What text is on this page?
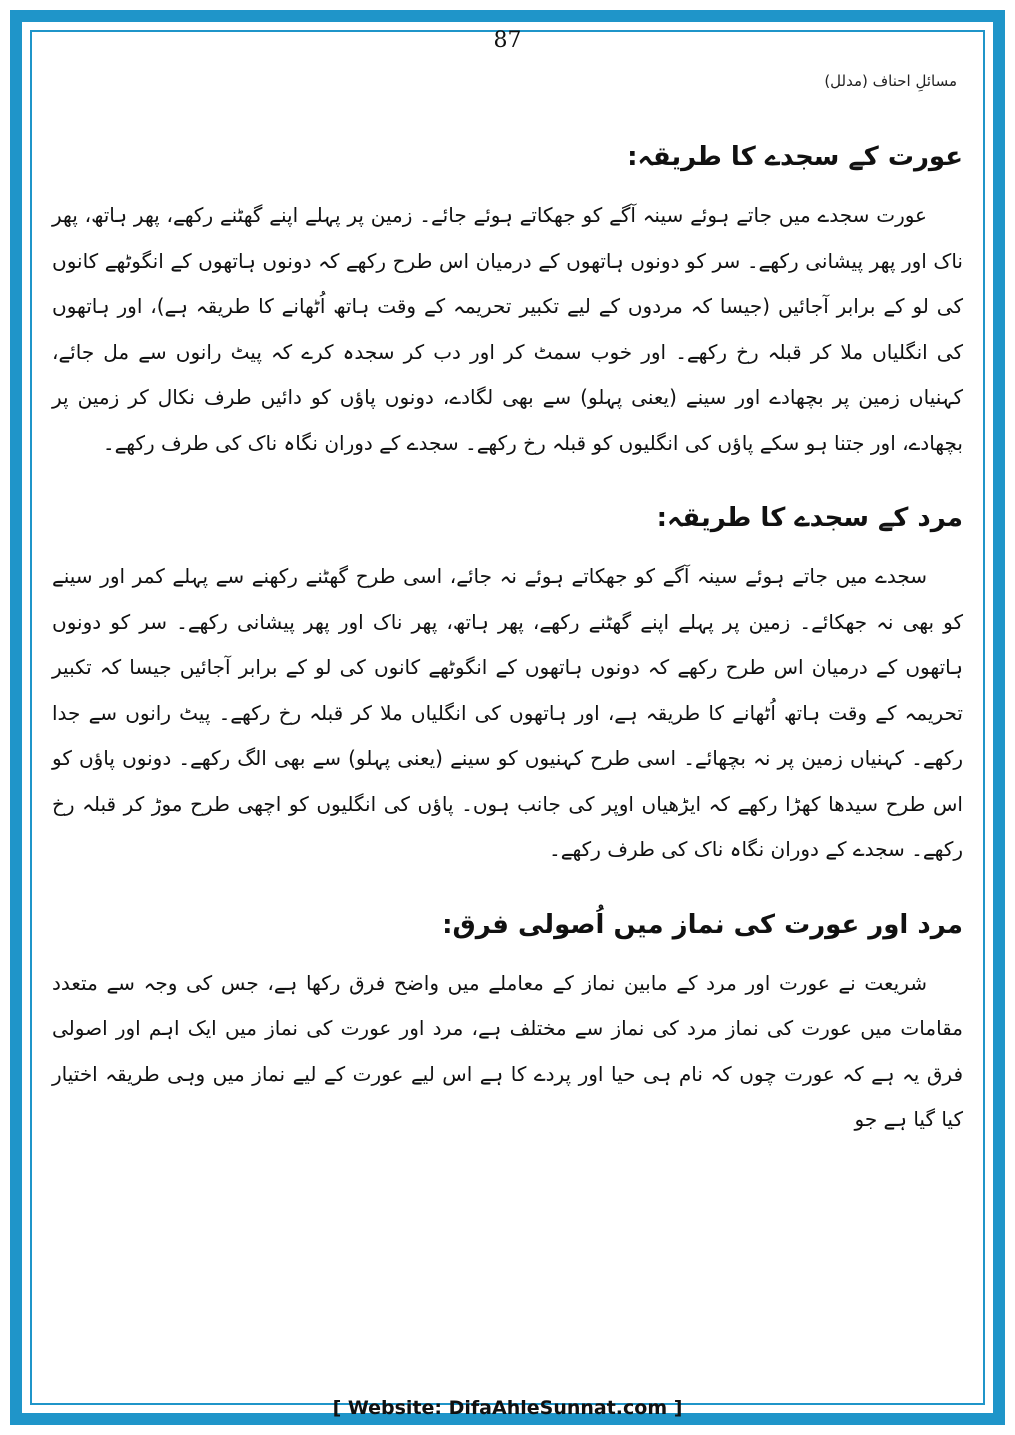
87
مسائلِ احناف (مدلل)
عورت کے سجدے کا طریقہ:

عورت سجدے میں جاتے ہوئے سینہ آگے کو جھکاتے ہوئے جائے۔ زمین پر پہلے اپنے گھٹنے رکھے، پھر ہاتھ، پھر ناک اور پھر پیشانی رکھے۔ سر کو دونوں ہاتھوں کے درمیان اس طرح رکھے کہ دونوں ہاتھوں کے انگوٹھے کانوں کی لو کے برابر آجائیں (جیسا کہ مردوں کے لیے تکبیر تحریمہ کے وقت ہاتھ اُٹھانے کا طریقہ ہے)، اور ہاتھوں کی انگلیاں ملا کر قبلہ رخ رکھے۔ اور خوب سمٹ کر اور دب کر سجدہ کرے کہ پیٹ رانوں سے مل جائے، کہنیاں زمین پر بچھادے اور سینے (یعنی پہلو) سے بھی لگادے، دونوں پاؤں کو دائیں طرف نکال کر زمین پر بچھادے، اور جتنا ہو سکے پاؤں کی انگلیوں کو قبلہ رخ رکھے۔ سجدے کے دوران نگاہ ناک کی طرف رکھے۔

مرد کے سجدے کا طریقہ:

سجدے میں جاتے ہوئے سینہ آگے کو جھکاتے ہوئے نہ جائے، اسی طرح گھٹنے رکھنے سے پہلے کمر اور سینے کو بھی نہ جھکائے۔ زمین پر پہلے اپنے گھٹنے رکھے، پھر ہاتھ، پھر ناک اور پھر پیشانی رکھے۔ سر کو دونوں ہاتھوں کے درمیان اس طرح رکھے کہ دونوں ہاتھوں کے انگوٹھے کانوں کی لو کے برابر آجائیں جیسا کہ تکبیر تحریمہ کے وقت ہاتھ اُٹھانے کا طریقہ ہے، اور ہاتھوں کی انگلیاں ملا کر قبلہ رخ رکھے۔ پیٹ رانوں سے جدا رکھے۔ کہنیاں زمین پر نہ بچھائے۔ اسی طرح کہنیوں کو سینے (یعنی پہلو) سے بھی الگ رکھے۔ دونوں پاؤں کو اس طرح سیدھا کھڑا رکھے کہ ایڑھیاں اوپر کی جانب ہوں۔ پاؤں کی انگلیوں کو اچھی طرح موڑ کر قبلہ رخ رکھے۔ سجدے کے دوران نگاہ ناک کی طرف رکھے۔

مرد اور عورت کی نماز میں اُصولی فرق:

شریعت نے عورت اور مرد کے مابین نماز کے معاملے میں واضح فرق رکھا ہے، جس کی وجہ سے متعدد مقامات میں عورت کی نماز مرد کی نماز سے مختلف ہے، مرد اور عورت کی نماز میں ایک اہم اور اصولی فرق یہ ہے کہ عورت چوں کہ نام ہی حیا اور پردے کا ہے اس لیے عورت کے لیے نماز میں وہی طریقہ اختیار کیا گیا ہے جو

[ Website: DifaAhleSunnat.com ]
